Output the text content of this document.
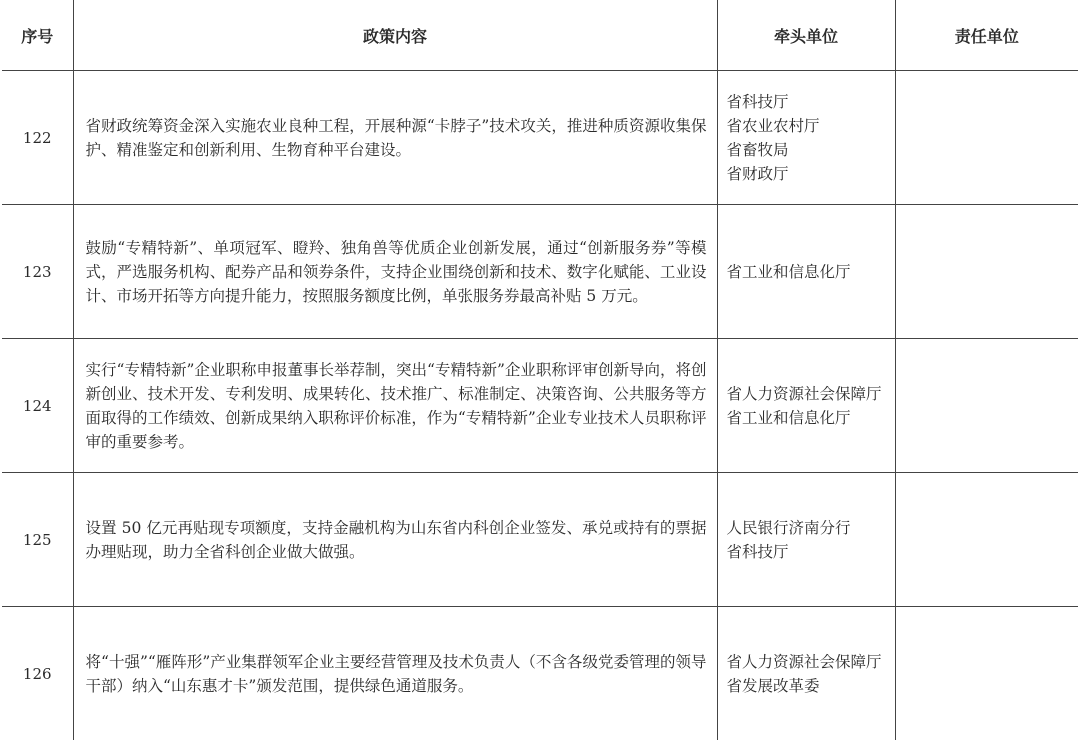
序号	政策内容	牵头单位	责任单位
122	省财政统筹资金深入实施农业良种工程，开展种源“卡脖子”技术攻关，推进种质资源收集保护、精准鉴定和创新利用、生物育种平台建设。	省科技厅
省农业农村厅
省畜牧局
省财政厅	

123	鼓励“专精特新”、单项冠军、瞪羚、独角兽等优质企业创新发展，通过“创新服务券”等模式，严选服务机构、配券产品和领券条件，支持企业围绕创新和技术、数字化赋能、工业设计、市场开拓等方向提升能力，按照服务额度比例，单张服务券最高补贴 5 万元。	省工业和信息化厅	

124	实行“专精特新”企业职称申报董事长举荐制，突出“专精特新”企业职称评审创新导向，将创新创业、技术开发、专利发明、成果转化、技术推广、标准制定、决策咨询、公共服务等方面取得的工作绩效、创新成果纳入职称评价标准，作为“专精特新”企业专业技术人员职称评审的重要参考。	省人力资源社会保障厅
省工业和信息化厅	

125	设置 50 亿元再贴现专项额度，支持金融机构为山东省内科创企业签发、承兑或持有的票据办理贴现，助力全省科创企业做大做强。	人民银行济南分行
省科技厅	

126	将“十强”“雁阵形”产业集群领军企业主要经营管理及技术负责人（不含各级党委管理的领导干部）纳入“山东惠才卡”颁发范围，提供绿色通道服务。	省人力资源社会保障厅
省发展改革委	
